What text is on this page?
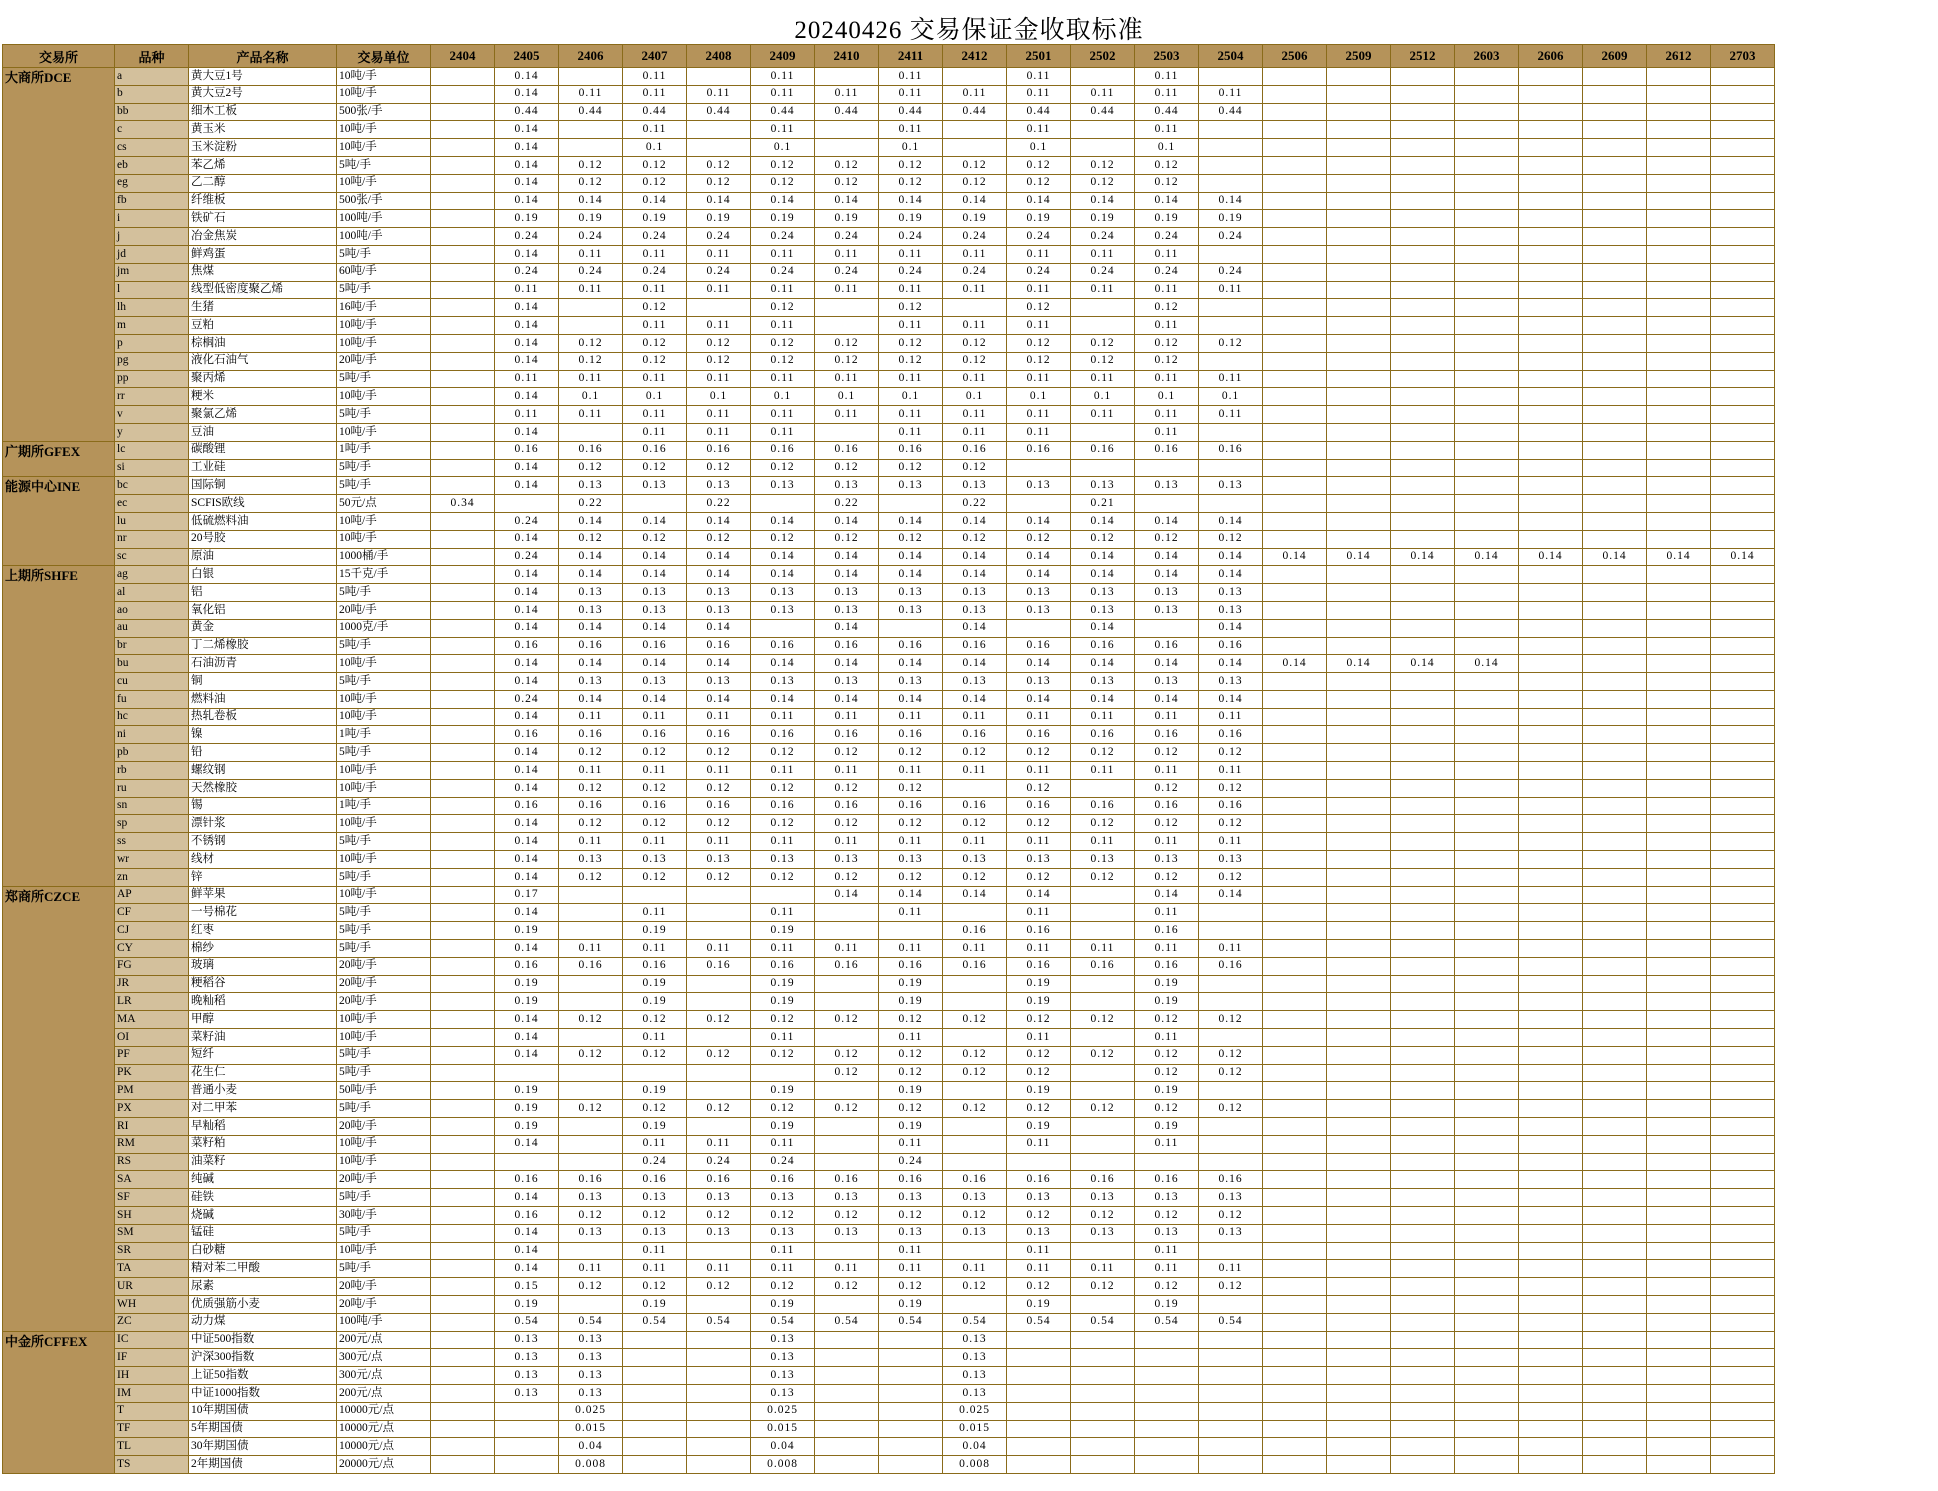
20240426 交易保证金收取标准
交易所	品种	产品名称	交易单位	2404	2405	2406	2407	2408	2409	2410	2411	2412	2501	2502	2503	2504	2506	2509	2512	2603	2606	2609	2612	2703
大商所DCE	a	黄大豆1号	10吨/手		0.14		0.11		0.11		0.11		0.11		0.11									
	b	黄大豆2号	10吨/手		0.14	0.11	0.11	0.11	0.11	0.11	0.11	0.11	0.11	0.11	0.11	0.11								
	bb	细木工板	500张/手		0.44	0.44	0.44	0.44	0.44	0.44	0.44	0.44	0.44	0.44	0.44	0.44								
	c	黄玉米	10吨/手		0.14		0.11		0.11		0.11		0.11		0.11									
	cs	玉米淀粉	10吨/手		0.14		0.1		0.1		0.1		0.1		0.1									
	eb	苯乙烯	5吨/手		0.14	0.12	0.12	0.12	0.12	0.12	0.12	0.12	0.12	0.12	0.12									
	eg	乙二醇	10吨/手		0.14	0.12	0.12	0.12	0.12	0.12	0.12	0.12	0.12	0.12	0.12									
	fb	纤维板	500张/手		0.14	0.14	0.14	0.14	0.14	0.14	0.14	0.14	0.14	0.14	0.14	0.14								
	i	铁矿石	100吨/手		0.19	0.19	0.19	0.19	0.19	0.19	0.19	0.19	0.19	0.19	0.19	0.19								
	j	冶金焦炭	100吨/手		0.24	0.24	0.24	0.24	0.24	0.24	0.24	0.24	0.24	0.24	0.24	0.24								
	jd	鲜鸡蛋	5吨/手		0.14	0.11	0.11	0.11	0.11	0.11	0.11	0.11	0.11	0.11	0.11									
	jm	焦煤	60吨/手		0.24	0.24	0.24	0.24	0.24	0.24	0.24	0.24	0.24	0.24	0.24	0.24								
	l	线型低密度聚乙烯	5吨/手		0.11	0.11	0.11	0.11	0.11	0.11	0.11	0.11	0.11	0.11	0.11	0.11								
	lh	生猪	16吨/手		0.14		0.12		0.12		0.12		0.12		0.12									
	m	豆粕	10吨/手		0.14		0.11	0.11	0.11		0.11	0.11	0.11		0.11									
	p	棕榈油	10吨/手		0.14	0.12	0.12	0.12	0.12	0.12	0.12	0.12	0.12	0.12	0.12	0.12								
	pg	液化石油气	20吨/手		0.14	0.12	0.12	0.12	0.12	0.12	0.12	0.12	0.12	0.12	0.12									
	pp	聚丙烯	5吨/手		0.11	0.11	0.11	0.11	0.11	0.11	0.11	0.11	0.11	0.11	0.11	0.11								
	rr	粳米	10吨/手		0.14	0.1	0.1	0.1	0.1	0.1	0.1	0.1	0.1	0.1	0.1	0.1								
	v	聚氯乙烯	5吨/手		0.11	0.11	0.11	0.11	0.11	0.11	0.11	0.11	0.11	0.11	0.11	0.11								
	y	豆油	10吨/手		0.14		0.11	0.11	0.11		0.11	0.11	0.11		0.11									
广期所GFEX	lc	碳酸锂	1吨/手		0.16	0.16	0.16	0.16	0.16	0.16	0.16	0.16	0.16	0.16	0.16	0.16								
	si	工业硅	5吨/手		0.14	0.12	0.12	0.12	0.12	0.12	0.12	0.12												
能源中心INE	bc	国际铜	5吨/手		0.14	0.13	0.13	0.13	0.13	0.13	0.13	0.13	0.13	0.13	0.13	0.13								
	ec	SCFIS欧线	50元/点	0.34		0.22		0.22		0.22		0.22		0.21										
	lu	低硫燃料油	10吨/手		0.24	0.14	0.14	0.14	0.14	0.14	0.14	0.14	0.14	0.14	0.14	0.14								
	nr	20号胶	10吨/手		0.14	0.12	0.12	0.12	0.12	0.12	0.12	0.12	0.12	0.12	0.12	0.12								
	sc	原油	1000桶/手		0.24	0.14	0.14	0.14	0.14	0.14	0.14	0.14	0.14	0.14	0.14	0.14	0.14	0.14	0.14	0.14	0.14	0.14	0.14	0.14
上期所SHFE	ag	白银	15千克/手		0.14	0.14	0.14	0.14	0.14	0.14	0.14	0.14	0.14	0.14	0.14	0.14								
	al	铝	5吨/手		0.14	0.13	0.13	0.13	0.13	0.13	0.13	0.13	0.13	0.13	0.13	0.13								
	ao	氧化铝	20吨/手		0.14	0.13	0.13	0.13	0.13	0.13	0.13	0.13	0.13	0.13	0.13	0.13								
	au	黄金	1000克/手		0.14	0.14	0.14	0.14		0.14		0.14		0.14		0.14								
	br	丁二烯橡胶	5吨/手		0.16	0.16	0.16	0.16	0.16	0.16	0.16	0.16	0.16	0.16	0.16	0.16								
	bu	石油沥青	10吨/手		0.14	0.14	0.14	0.14	0.14	0.14	0.14	0.14	0.14	0.14	0.14	0.14	0.14	0.14	0.14	0.14				
	cu	铜	5吨/手		0.14	0.13	0.13	0.13	0.13	0.13	0.13	0.13	0.13	0.13	0.13	0.13								
	fu	燃料油	10吨/手		0.24	0.14	0.14	0.14	0.14	0.14	0.14	0.14	0.14	0.14	0.14	0.14								
	hc	热轧卷板	10吨/手		0.14	0.11	0.11	0.11	0.11	0.11	0.11	0.11	0.11	0.11	0.11	0.11								
	ni	镍	1吨/手		0.16	0.16	0.16	0.16	0.16	0.16	0.16	0.16	0.16	0.16	0.16	0.16								
	pb	铅	5吨/手		0.14	0.12	0.12	0.12	0.12	0.12	0.12	0.12	0.12	0.12	0.12	0.12								
	rb	螺纹钢	10吨/手		0.14	0.11	0.11	0.11	0.11	0.11	0.11	0.11	0.11	0.11	0.11	0.11								
	ru	天然橡胶	10吨/手		0.14	0.12	0.12	0.12	0.12	0.12	0.12		0.12		0.12	0.12								
	sn	锡	1吨/手		0.16	0.16	0.16	0.16	0.16	0.16	0.16	0.16	0.16	0.16	0.16	0.16								
	sp	漂针浆	10吨/手		0.14	0.12	0.12	0.12	0.12	0.12	0.12	0.12	0.12	0.12	0.12	0.12								
	ss	不锈钢	5吨/手		0.14	0.11	0.11	0.11	0.11	0.11	0.11	0.11	0.11	0.11	0.11	0.11								
	wr	线材	10吨/手		0.14	0.13	0.13	0.13	0.13	0.13	0.13	0.13	0.13	0.13	0.13	0.13								
	zn	锌	5吨/手		0.14	0.12	0.12	0.12	0.12	0.12	0.12	0.12	0.12	0.12	0.12	0.12								
郑商所CZCE	AP	鲜苹果	10吨/手		0.17					0.14	0.14	0.14	0.14		0.14	0.14								
	CF	一号棉花	5吨/手		0.14		0.11		0.11		0.11		0.11		0.11									
	CJ	红枣	5吨/手		0.19		0.19		0.19			0.16	0.16		0.16									
	CY	棉纱	5吨/手		0.14	0.11	0.11	0.11	0.11	0.11	0.11	0.11	0.11	0.11	0.11	0.11								
	FG	玻璃	20吨/手		0.16	0.16	0.16	0.16	0.16	0.16	0.16	0.16	0.16	0.16	0.16	0.16								
	JR	粳稻谷	20吨/手		0.19		0.19		0.19		0.19		0.19		0.19									
	LR	晚籼稻	20吨/手		0.19		0.19		0.19		0.19		0.19		0.19									
	MA	甲醇	10吨/手		0.14	0.12	0.12	0.12	0.12	0.12	0.12	0.12	0.12	0.12	0.12	0.12								
	OI	菜籽油	10吨/手		0.14		0.11		0.11		0.11		0.11		0.11									
	PF	短纤	5吨/手		0.14	0.12	0.12	0.12	0.12	0.12	0.12	0.12	0.12	0.12	0.12	0.12								
	PK	花生仁	5吨/手							0.12	0.12	0.12	0.12		0.12	0.12								
	PM	普通小麦	50吨/手		0.19		0.19		0.19		0.19		0.19		0.19									
	PX	对二甲苯	5吨/手		0.19	0.12	0.12	0.12	0.12	0.12	0.12	0.12	0.12	0.12	0.12	0.12								
	RI	早籼稻	20吨/手		0.19		0.19		0.19		0.19		0.19		0.19									
	RM	菜籽粕	10吨/手		0.14		0.11	0.11	0.11		0.11		0.11		0.11									
	RS	油菜籽	10吨/手				0.24	0.24	0.24		0.24													
	SA	纯碱	20吨/手		0.16	0.16	0.16	0.16	0.16	0.16	0.16	0.16	0.16	0.16	0.16	0.16								
	SF	硅铁	5吨/手		0.14	0.13	0.13	0.13	0.13	0.13	0.13	0.13	0.13	0.13	0.13	0.13								
	SH	烧碱	30吨/手		0.16	0.12	0.12	0.12	0.12	0.12	0.12	0.12	0.12	0.12	0.12	0.12								
	SM	锰硅	5吨/手		0.14	0.13	0.13	0.13	0.13	0.13	0.13	0.13	0.13	0.13	0.13	0.13								
	SR	白砂糖	10吨/手		0.14		0.11		0.11		0.11		0.11		0.11									
	TA	精对苯二甲酸	5吨/手		0.14	0.11	0.11	0.11	0.11	0.11	0.11	0.11	0.11	0.11	0.11	0.11								
	UR	尿素	20吨/手		0.15	0.12	0.12	0.12	0.12	0.12	0.12	0.12	0.12	0.12	0.12	0.12								
	WH	优质强筋小麦	20吨/手		0.19		0.19		0.19		0.19		0.19		0.19									
	ZC	动力煤	100吨/手		0.54	0.54	0.54	0.54	0.54	0.54	0.54	0.54	0.54	0.54	0.54	0.54								
中金所CFFEX	IC	中证500指数	200元/点		0.13	0.13			0.13			0.13												
	IF	沪深300指数	300元/点		0.13	0.13			0.13			0.13												
	IH	上证50指数	300元/点		0.13	0.13			0.13			0.13												
	IM	中证1000指数	200元/点		0.13	0.13			0.13			0.13												
	T	10年期国债	10000元/点			0.025			0.025			0.025												
	TF	5年期国债	10000元/点			0.015			0.015			0.015												
	TL	30年期国债	10000元/点			0.04			0.04			0.04												
	TS	2年期国债	20000元/点			0.008			0.008			0.008												
